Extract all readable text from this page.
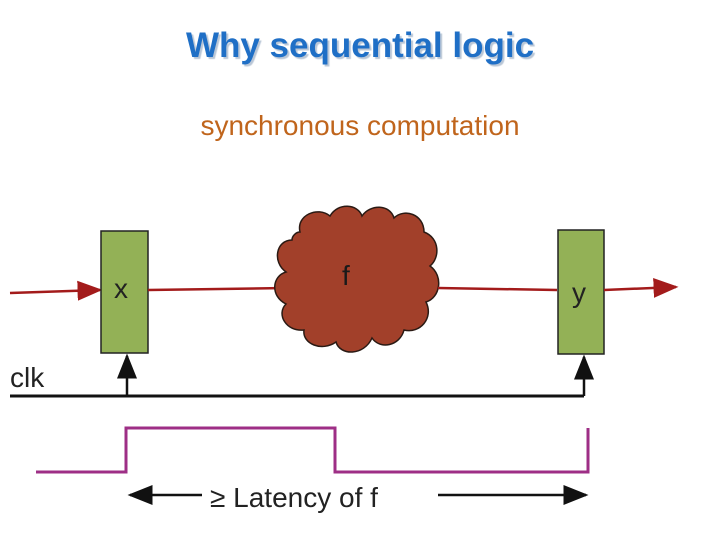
Why sequential logic
synchronous computation
x	f
y
clk
≥ Latency of f
